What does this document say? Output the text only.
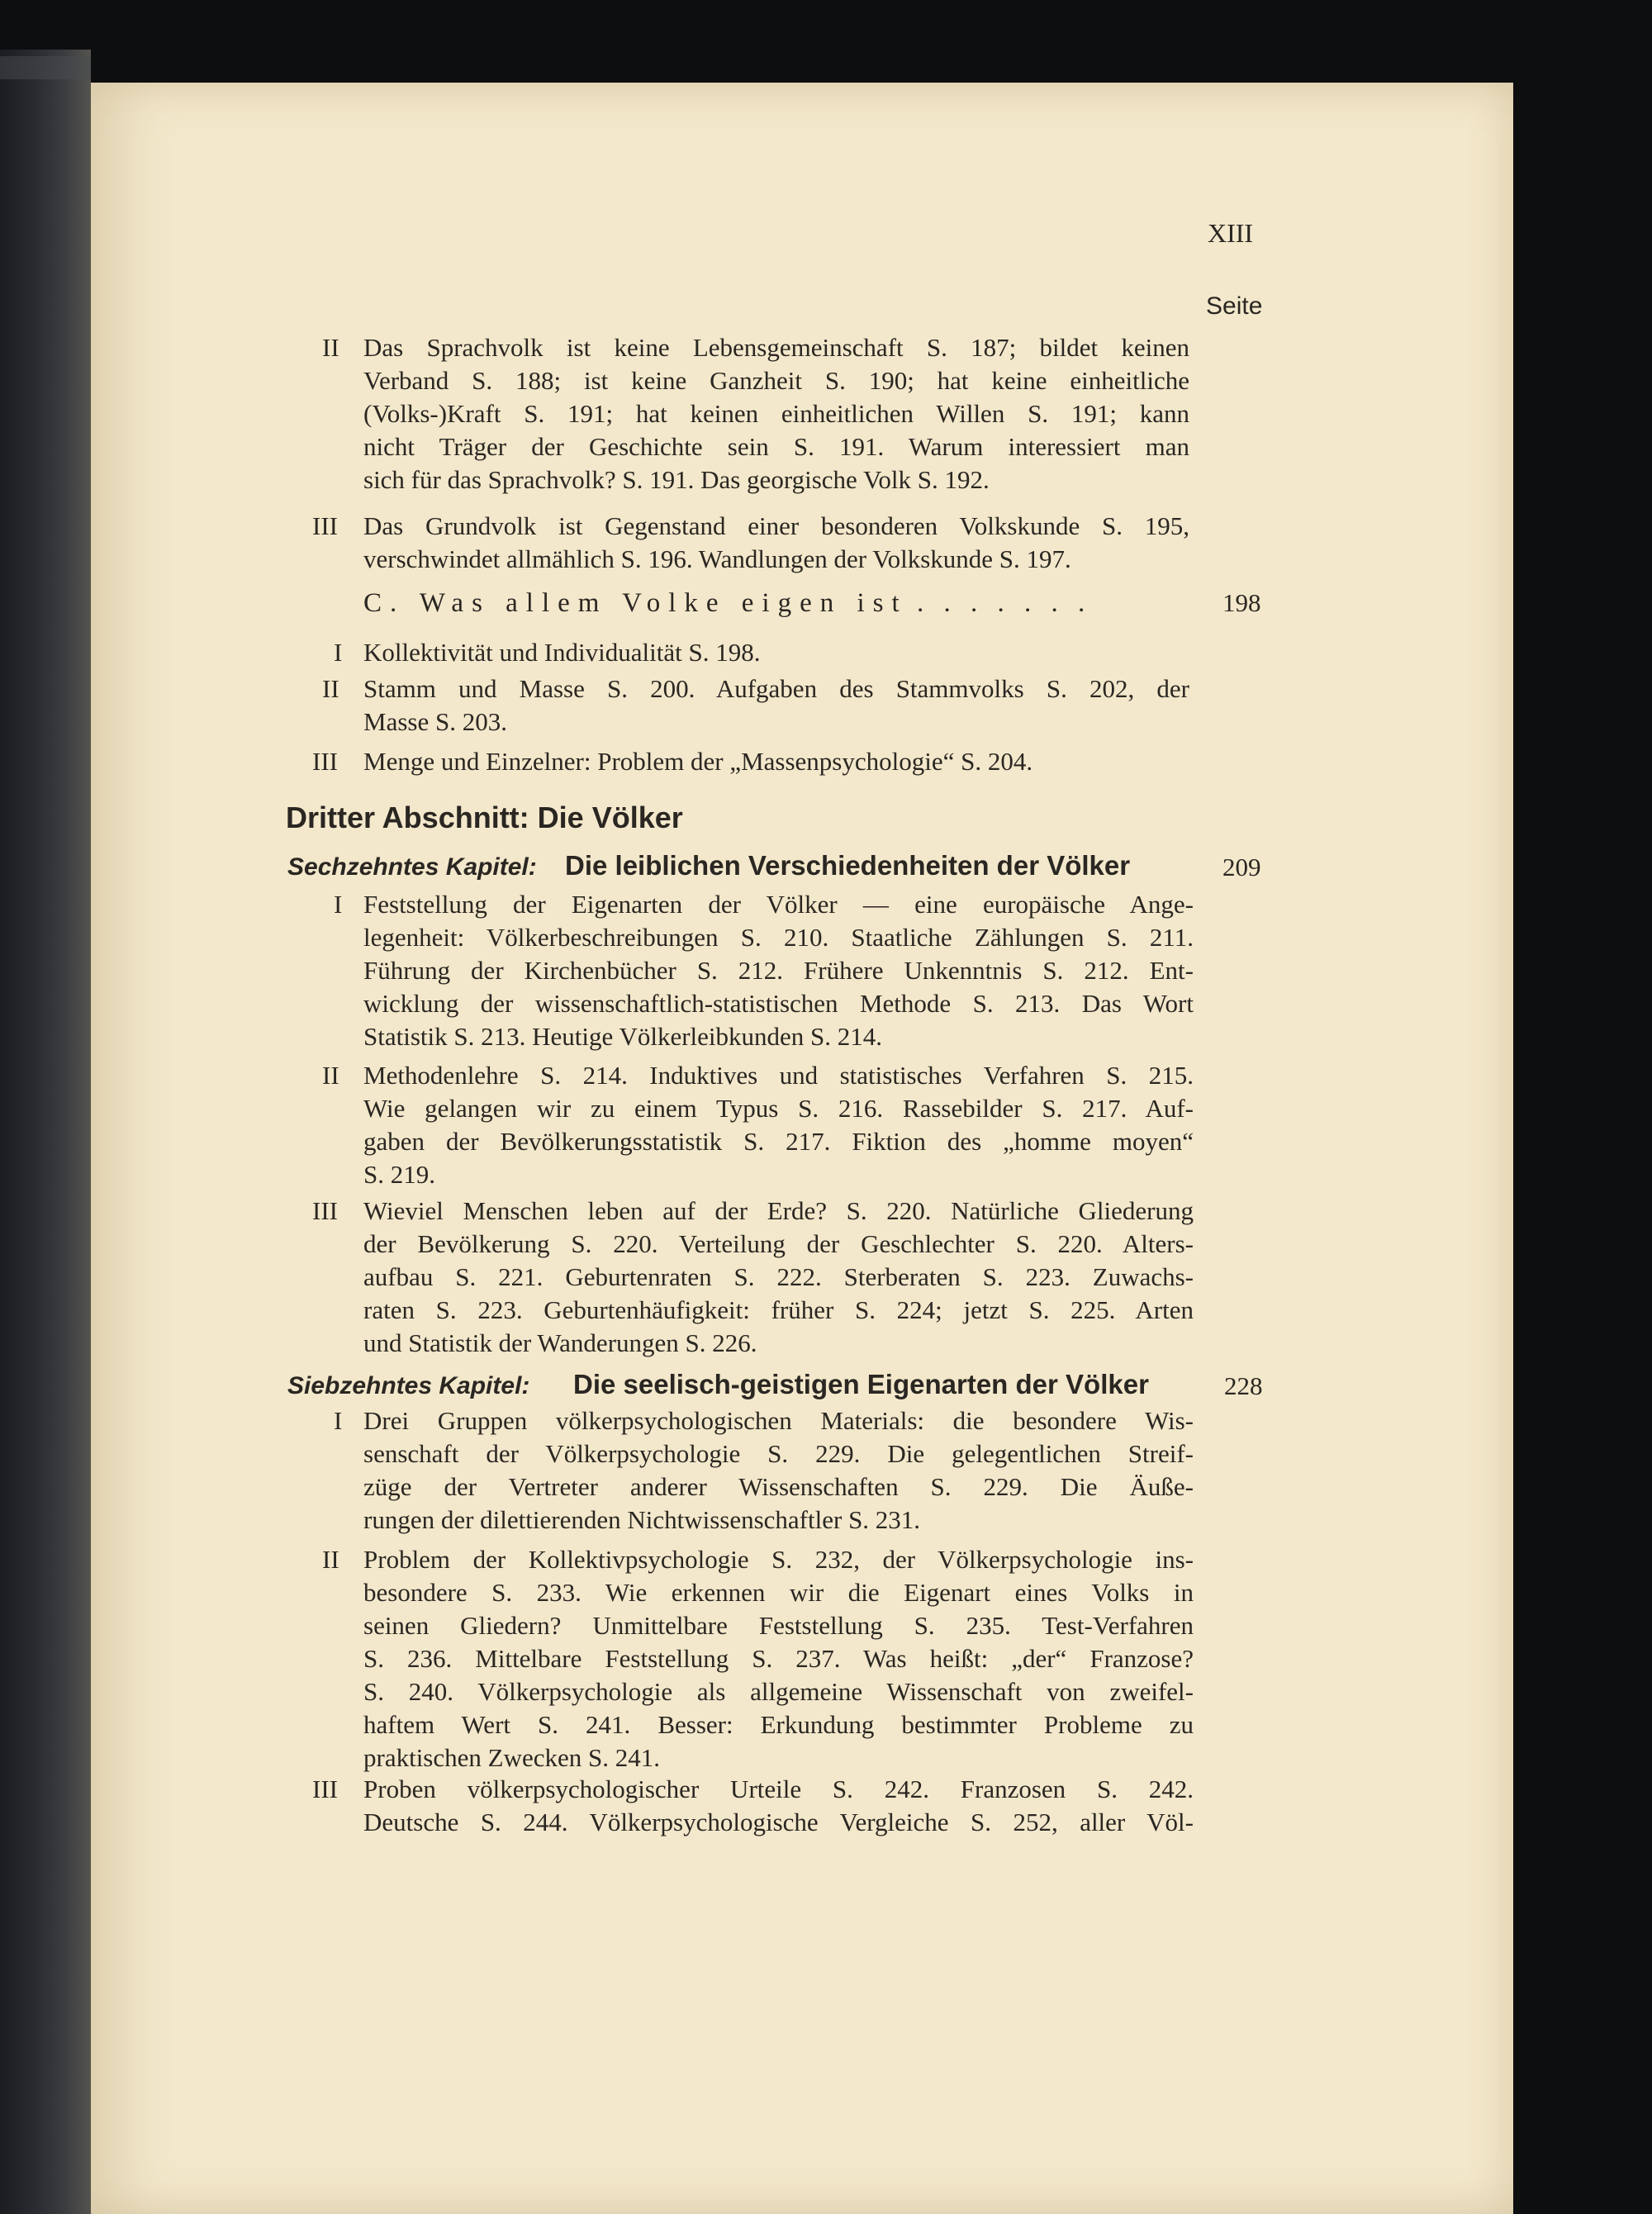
XIII
Seite
II Das Sprachvolk ist keine Lebensgemeinschaft S. 187; bildet keinen
Verband S. 188; ist keine Ganzheit S. 190; hat keine einheitliche
(Volks-)Kraft S. 191; hat keinen einheitlichen Willen S. 191; kann
nicht Träger der Geschichte sein S. 191. Warum interessiert man
sich für das Sprachvolk? S. 191. Das georgische Volk S. 192.
III Das Grundvolk ist Gegenstand einer besonderen Volkskunde S. 195,
verschwindet allmählich S. 196. Wandlungen der Volkskunde S. 197.
C. Was allem Volke eigen ist . . . . . . .	198
I Kollektivität und Individualität S. 198.
II Stamm und Masse S. 200. Aufgaben des Stammvolks S. 202, der
Masse S. 203.
III Menge und Einzelner: Problem der „Massenpsychologie“ S. 204.
Dritter Abschnitt: Die Völker
Sechzehntes Kapitel: Die leiblichen Verschiedenheiten der Völker	209
I Feststellung der Eigenarten der Völker — eine europäische Ange-
legenheit: Völkerbeschreibungen S. 210. Staatliche Zählungen S. 211.
Führung der Kirchenbücher S. 212. Frühere Unkenntnis S. 212. Ent-
wicklung der wissenschaftlich-statistischen Methode S. 213. Das Wort
Statistik S. 213. Heutige Völkerleibkunden S. 214.
II Methodenlehre S. 214. Induktives und statistisches Verfahren S. 215.
Wie gelangen wir zu einem Typus S. 216. Rassebilder S. 217. Auf-
gaben der Bevölkerungsstatistik S. 217. Fiktion des „homme moyen“
S. 219.
III Wieviel Menschen leben auf der Erde? S. 220. Natürliche Gliederung
der Bevölkerung S. 220. Verteilung der Geschlechter S. 220. Alters-
aufbau S. 221. Geburtenraten S. 222. Sterberaten S. 223. Zuwachs-
raten S. 223. Geburtenhäufigkeit: früher S. 224; jetzt S. 225. Arten
und Statistik der Wanderungen S. 226.
Siebzehntes Kapitel: Die seelisch-geistigen Eigenarten der Völker	228
I Drei Gruppen völkerpsychologischen Materials: die besondere Wis-
senschaft der Völkerpsychologie S. 229. Die gelegentlichen Streif-
züge der Vertreter anderer Wissenschaften S. 229. Die Äuße-
rungen der dilettierenden Nichtwissenschaftler S. 231.
II Problem der Kollektivpsychologie S. 232, der Völkerpsychologie ins-
besondere S. 233. Wie erkennen wir die Eigenart eines Volks in
seinen Gliedern? Unmittelbare Feststellung S. 235. Test-Verfahren
S. 236. Mittelbare Feststellung S. 237. Was heißt: „der“ Franzose?
S. 240. Völkerpsychologie als allgemeine Wissenschaft von zweifel-
haftem Wert S. 241. Besser: Erkundung bestimmter Probleme zu
praktischen Zwecken S. 241.
III Proben völkerpsychologischer Urteile S. 242. Franzosen S. 242.
Deutsche S. 244. Völkerpsychologische Vergleiche S. 252, aller Völ-
